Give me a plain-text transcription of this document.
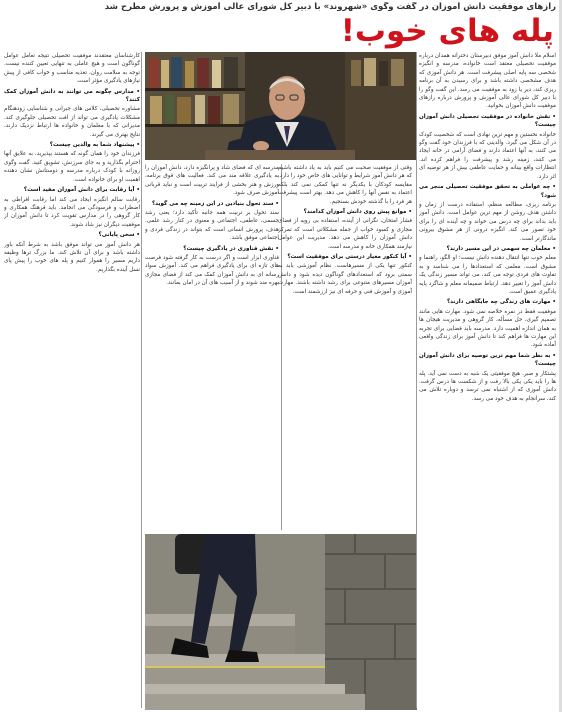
رازهای موفقیت دانش آموزان در گفت وگوی «شهروند» با دبیر کل شورای عالی آموزش و پرورش مطرح شد
پله های خوب!

اسلام ملا دانش آموز موفق دبیرستان دخترانه همدان درباره موفقیت تحصیلی معتقد است خانواده، مدرسه و انگیزه شخصی سه پایه اصلی پیشرفت است. هر دانش آموزی که هدف مشخصی داشته باشد و برای رسیدن به آن برنامه ریزی کند، دیر یا زود به موفقیت می رسد. این گفت وگو را با دبیر کل شورای عالی آموزش و پرورش درباره رازهای موفقیت دانش آموزان بخوانید.

• نقش خانواده در موفقیت تحصیلی دانش آموزان چیست؟

خانواده نخستین و مهم ترین نهادی است که شخصیت کودک در آن شکل می گیرد. والدینی که با فرزندان خود گفت وگو می کنند، به آنها اعتماد دارند و فضای آرامی در خانه ایجاد می کنند، زمینه رشد و پیشرفت را فراهم کرده اند. انتظارات واقع بینانه و حمایت عاطفی بیش از هر توصیه ای اثر دارد.

• چه عواملی به تحقق موفقیت تحصیلی منجر می شود؟

برنامه ریزی، مطالعه منظم، استفاده درست از زمان و داشتن هدف روشن از مهم ترین عوامل است. دانش آموز باید بداند برای چه درس می خواند و چه آینده ای را برای خود تصور می کند. انگیزه درونی از هر مشوق بیرونی ماندگارتر است.

• معلمان چه سهمی در این مسیر دارند؟

معلم خوب تنها انتقال دهنده دانش نیست؛ او الگو، راهنما و مشوق است. معلمی که استعدادها را می شناسد و به تفاوت های فردی توجه می کند، می تواند مسیر زندگی یک دانش آموز را تغییر دهد. ارتباط صمیمانه معلم و شاگرد پایه یادگیری عمیق است.

• مهارت های زندگی چه جایگاهی دارند؟

موفقیت فقط در نمره خلاصه نمی شود. مهارت هایی مانند تصمیم گیری، حل مسأله، کار گروهی و مدیریت هیجان ها به همان اندازه اهمیت دارد. مدرسه باید فضایی برای تجربه این مهارت ها فراهم کند تا دانش آموز برای زندگی واقعی آماده شود.

• به نظر شما مهم ترین توصیه برای دانش آموزان چیست؟

پشتکار و صبر. هیچ موفقیتی یک شبه به دست نمی آید. پله ها را باید یکی یکی بالا رفت و از شکست ها درس گرفت. دانش آموزی که از اشتباه نمی ترسد و دوباره تلاش می کند، سرانجام به هدف خود می رسد.

وقتی از موفقیت صحبت می کنیم باید به یاد داشته باشیم که هر دانش آموز شرایط و توانایی های خاص خود را دارد. مقایسه کودکان با یکدیگر نه تنها کمکی نمی کند بلکه اعتماد به نفس آنها را کاهش می دهد. بهتر است پیشرفت هر فرد را با گذشته خودش بسنجیم.

• موانع پیش روی دانش آموزان کدامند؟

فشار امتحان، نگرانی از آینده، استفاده بی رویه از فضای مجازی و کمبود خواب از جمله مشکلاتی است که تمرکز دانش آموزان را کاهش می دهد. مدیریت این عوامل نیازمند همکاری خانه و مدرسه است.

• آیا کنکور معیار درستی برای موفقیت است؟

کنکور تنها یکی از مسیرهاست. نظام آموزشی باید به سمتی برود که استعدادهای گوناگون دیده شود و دانش آموزان مسیرهای متنوعی برای رشد داشته باشند. مهارت آموزی و آموزش فنی و حرفه ای نیز ارزشمند است.

مدرسه ای که فضای شاد و پرانگیزه دارد، دانش آموزان را به یادگیری علاقه مند می کند. فعالیت های فوق برنامه، ورزش و هنر بخشی از فرایند تربیت است و نباید قربانی آموزش صرف شود.

• سند تحول بنیادین در این زمینه چه می گوید؟

سند تحول بر تربیت همه جانبه تأکید دارد؛ یعنی رشد جسمی، عاطفی، اجتماعی و معنوی در کنار رشد علمی. هدف، پرورش انسانی است که بتواند در زندگی فردی و اجتماعی موفق باشد.

• نقش فناوری در یادگیری چیست؟

فناوری ابزار است و اگر درست به کار گرفته شود فرصت های تازه ای برای یادگیری فراهم می کند. آموزش سواد رسانه ای به دانش آموزان کمک می کند از فضای مجازی بهره مند شوند و از آسیب های آن در امان بمانند.

کارشناسان معتقدند موفقیت تحصیلی نتیجه تعامل عوامل گوناگون است و هیچ عاملی به تنهایی تعیین کننده نیست. توجه به سلامت روان، تغذیه مناسب و خواب کافی از پیش نیازهای یادگیری مؤثر است.

• مدارس چگونه می توانند به دانش آموزان کمک کنند؟

مشاوره تحصیلی، کلاس های جبرانی و شناسایی زودهنگام مشکلات یادگیری می تواند از افت تحصیلی جلوگیری کند. مدیرانی که با معلمان و خانواده ها ارتباط نزدیک دارند، نتایج بهتری می گیرند.

• پیشنهاد شما به والدین چیست؟

فرزندان خود را همان گونه که هستند بپذیرید، به علایق آنها احترام بگذارید و به جای سرزنش، تشویق کنید. گفت وگوی روزانه با کودک درباره مدرسه و دوستانش نشان دهنده اهمیت او برای خانواده است.

• آیا رقابت برای دانش آموزان مفید است؟

رقابت سالم انگیزه ایجاد می کند اما رقابت افراطی به اضطراب و فرسودگی می انجامد. باید فرهنگ همکاری و کار گروهی را در مدارس تقویت کرد تا دانش آموزان از موفقیت دیگران نیز شاد شوند.

• سخن پایانی؟

هر دانش آموز می تواند موفق باشد به شرط آنکه باور داشته باشد و برای آن تلاش کند. ما بزرگ ترها وظیفه داریم مسیر را هموار کنیم و پله های خوب را پیش پای نسل آینده بگذاریم.
